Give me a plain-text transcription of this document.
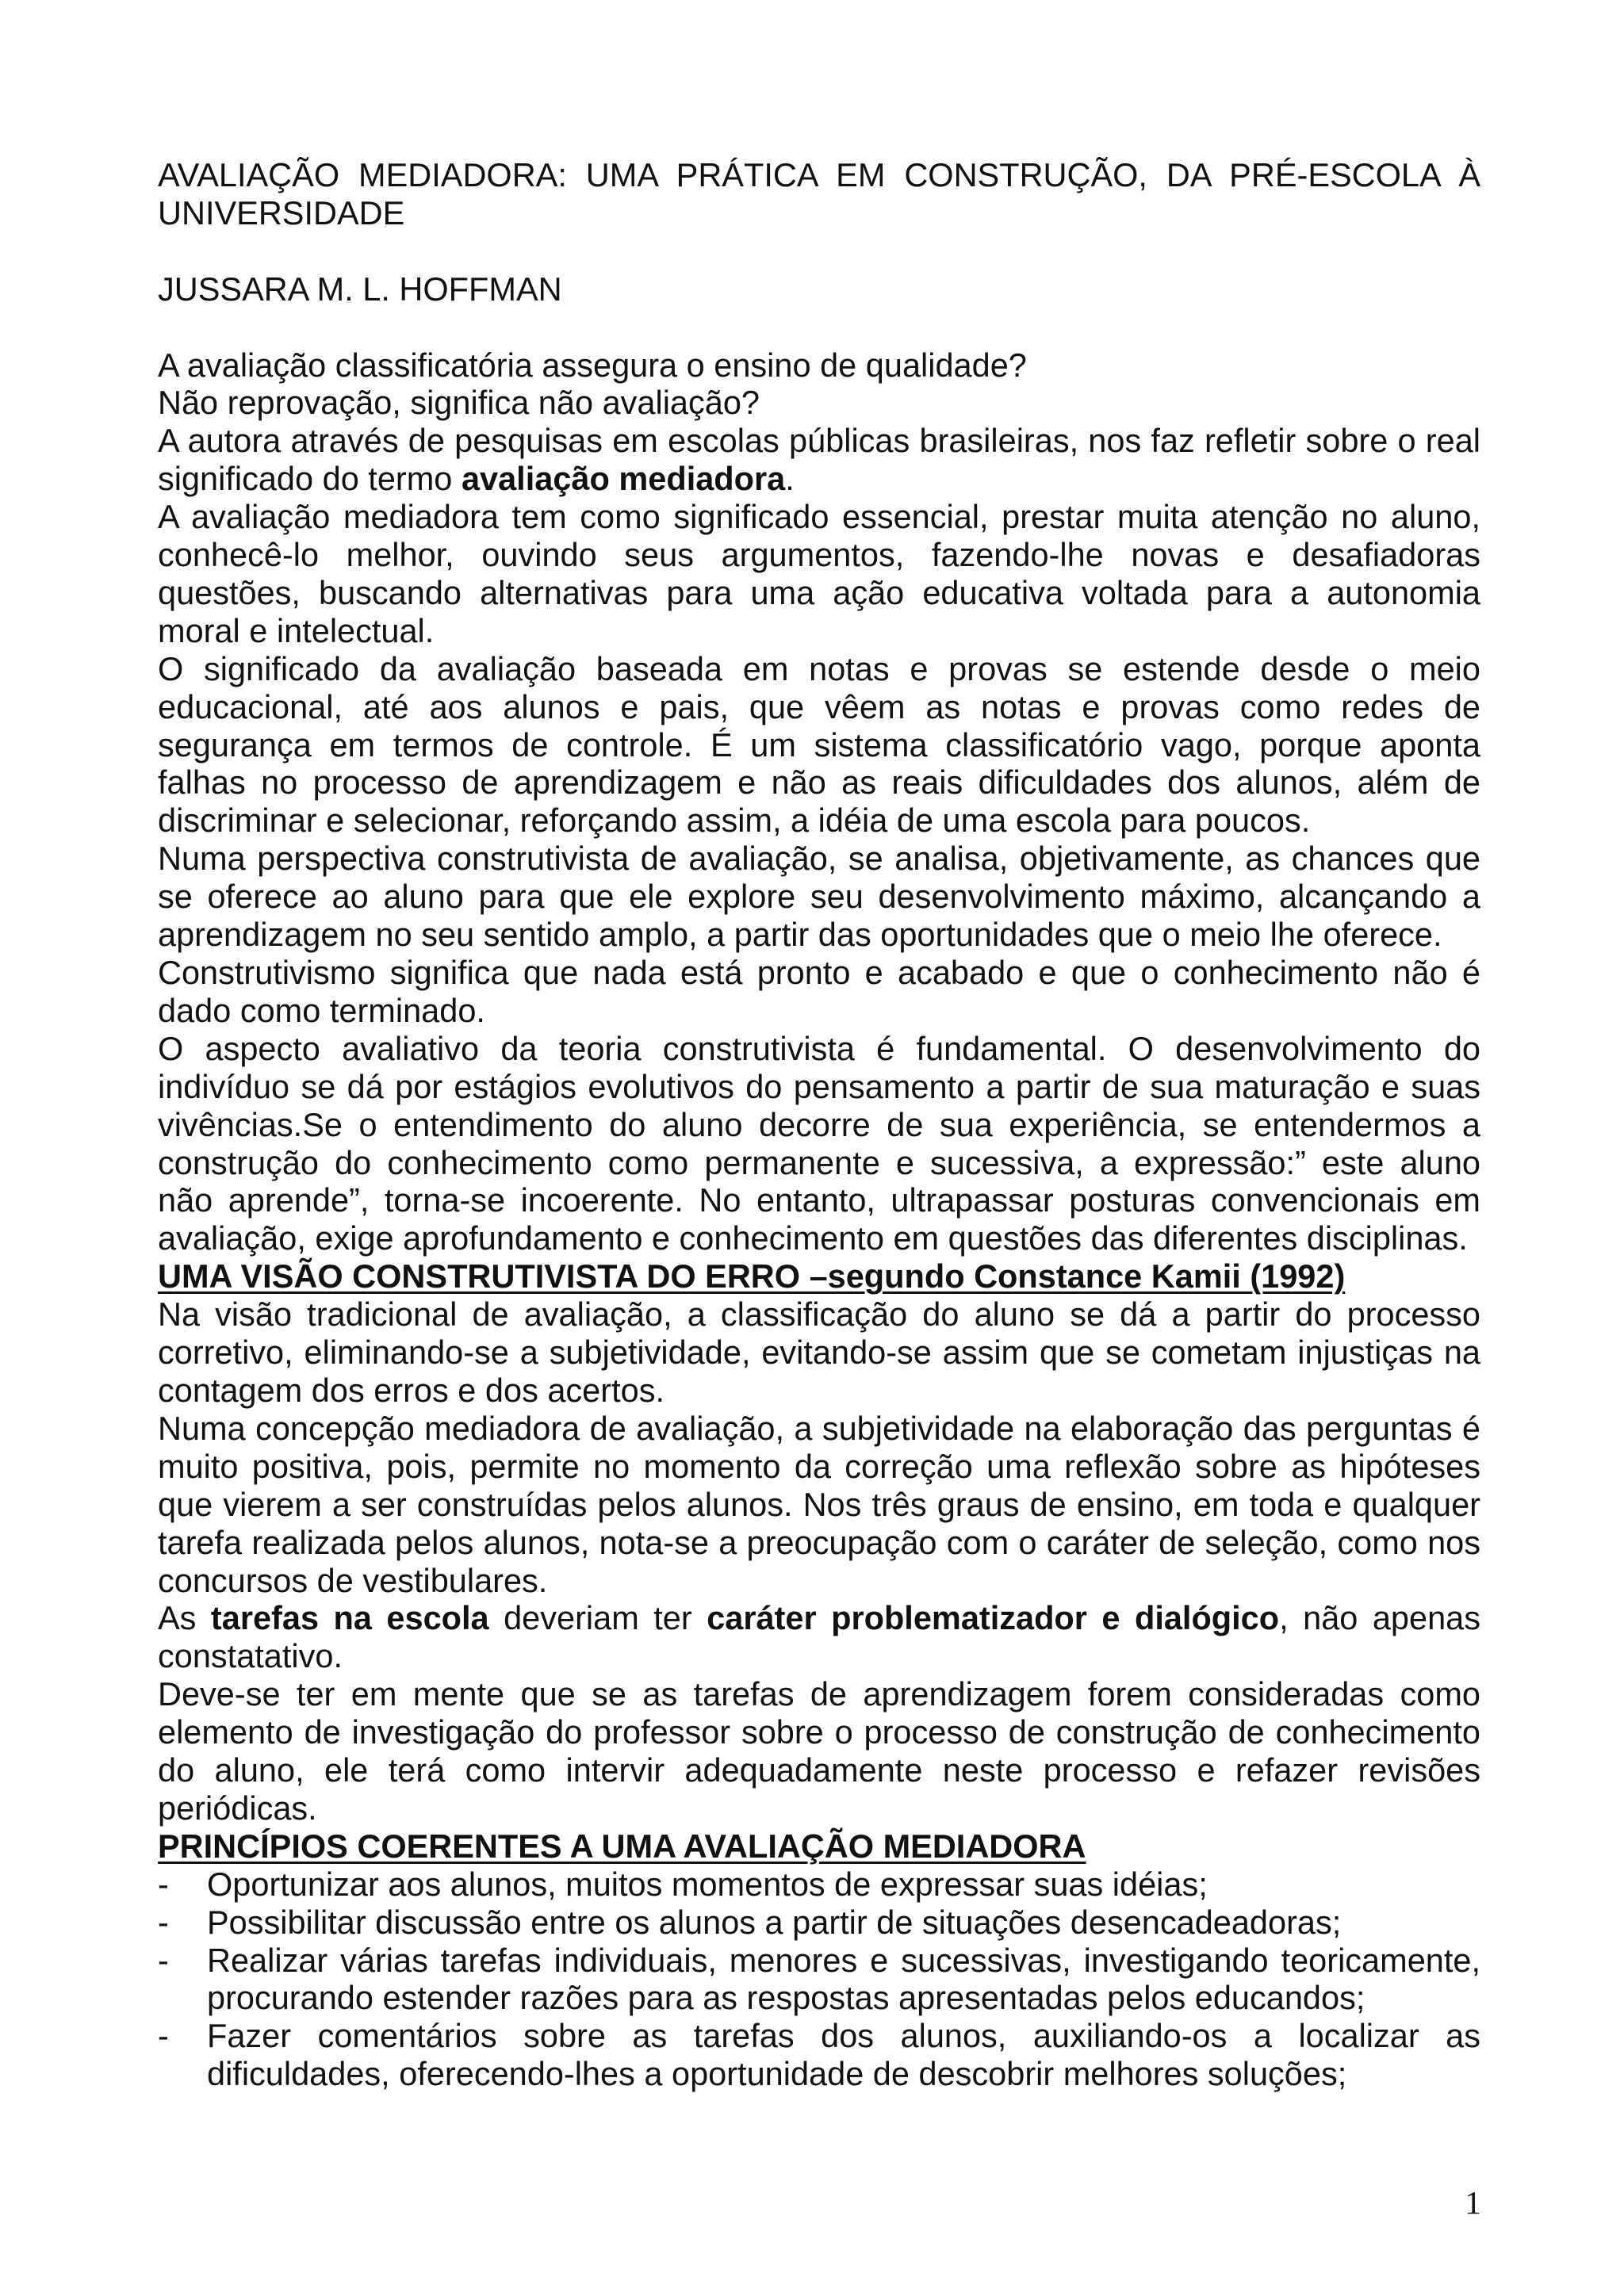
AVALIAÇÃO MEDIADORA: UMA PRÁTICA EM CONSTRUÇÃO, DA PRÉ-ESCOLA À
UNIVERSIDADE
JUSSARA M. L. HOFFMAN
A avaliação classificatória assegura o ensino de qualidade?
Não reprovação, significa não avaliação?
A autora através de pesquisas em escolas públicas brasileiras, nos faz refletir sobre o real
significado do termo avaliação mediadora.
A avaliação mediadora tem como significado essencial, prestar muita atenção no aluno,
conhecê-lo melhor, ouvindo seus argumentos, fazendo-lhe novas e desafiadoras
questões, buscando alternativas para uma ação educativa voltada para a autonomia
moral e intelectual.
O significado da avaliação baseada em notas e provas se estende desde o meio
educacional, até aos alunos e pais, que vêem as notas e provas como redes de
segurança em termos de controle. É um sistema classificatório vago, porque aponta
falhas no processo de aprendizagem e não as reais dificuldades dos alunos, além de
discriminar e selecionar, reforçando assim, a idéia de uma escola para poucos.
Numa perspectiva construtivista de avaliação, se analisa, objetivamente, as chances que
se oferece ao aluno para que ele explore seu desenvolvimento máximo, alcançando a
aprendizagem no seu sentido amplo, a partir das oportunidades que o meio lhe oferece.
Construtivismo significa que nada está pronto e acabado e que o conhecimento não é
dado como terminado.
O aspecto avaliativo da teoria construtivista é fundamental. O desenvolvimento do
indivíduo se dá por estágios evolutivos do pensamento a partir de sua maturação e suas
vivências.Se o entendimento do aluno decorre de sua experiência, se entendermos a
construção do conhecimento como permanente e sucessiva, a expressão:” este aluno
não aprende”, torna-se incoerente. No entanto, ultrapassar posturas convencionais em
avaliação, exige aprofundamento e conhecimento em questões das diferentes disciplinas.
UMA VISÃO CONSTRUTIVISTA DO ERRO –segundo Constance Kamii (1992)
Na visão tradicional de avaliação, a classificação do aluno se dá a partir do processo
corretivo, eliminando-se a subjetividade, evitando-se assim que se cometam injustiças na
contagem dos erros e dos acertos.
Numa concepção mediadora de avaliação, a subjetividade na elaboração das perguntas é
muito positiva, pois, permite no momento da correção uma reflexão sobre as hipóteses
que vierem a ser construídas pelos alunos. Nos três graus de ensino, em toda e qualquer
tarefa realizada pelos alunos, nota-se a preocupação com o caráter de seleção, como nos
concursos de vestibulares.
As tarefas na escola deveriam ter caráter problematizador e dialógico, não apenas
constatativo.
Deve-se ter em mente que se as tarefas de aprendizagem forem consideradas como
elemento de investigação do professor sobre o processo de construção de conhecimento
do aluno, ele terá como intervir adequadamente neste processo e refazer revisões
periódicas.
PRINCÍPIOS COERENTES A UMA AVALIAÇÃO MEDIADORA
-	Oportunizar aos alunos, muitos momentos de expressar suas idéias;
-	Possibilitar discussão entre os alunos a partir de situações desencadeadoras;
-	Realizar várias tarefas individuais, menores e sucessivas, investigando teoricamente,
procurando estender razões para as respostas apresentadas pelos educandos;
-	Fazer comentários sobre as tarefas dos alunos, auxiliando-os a localizar as
dificuldades, oferecendo-lhes a oportunidade de descobrir melhores soluções;
1
